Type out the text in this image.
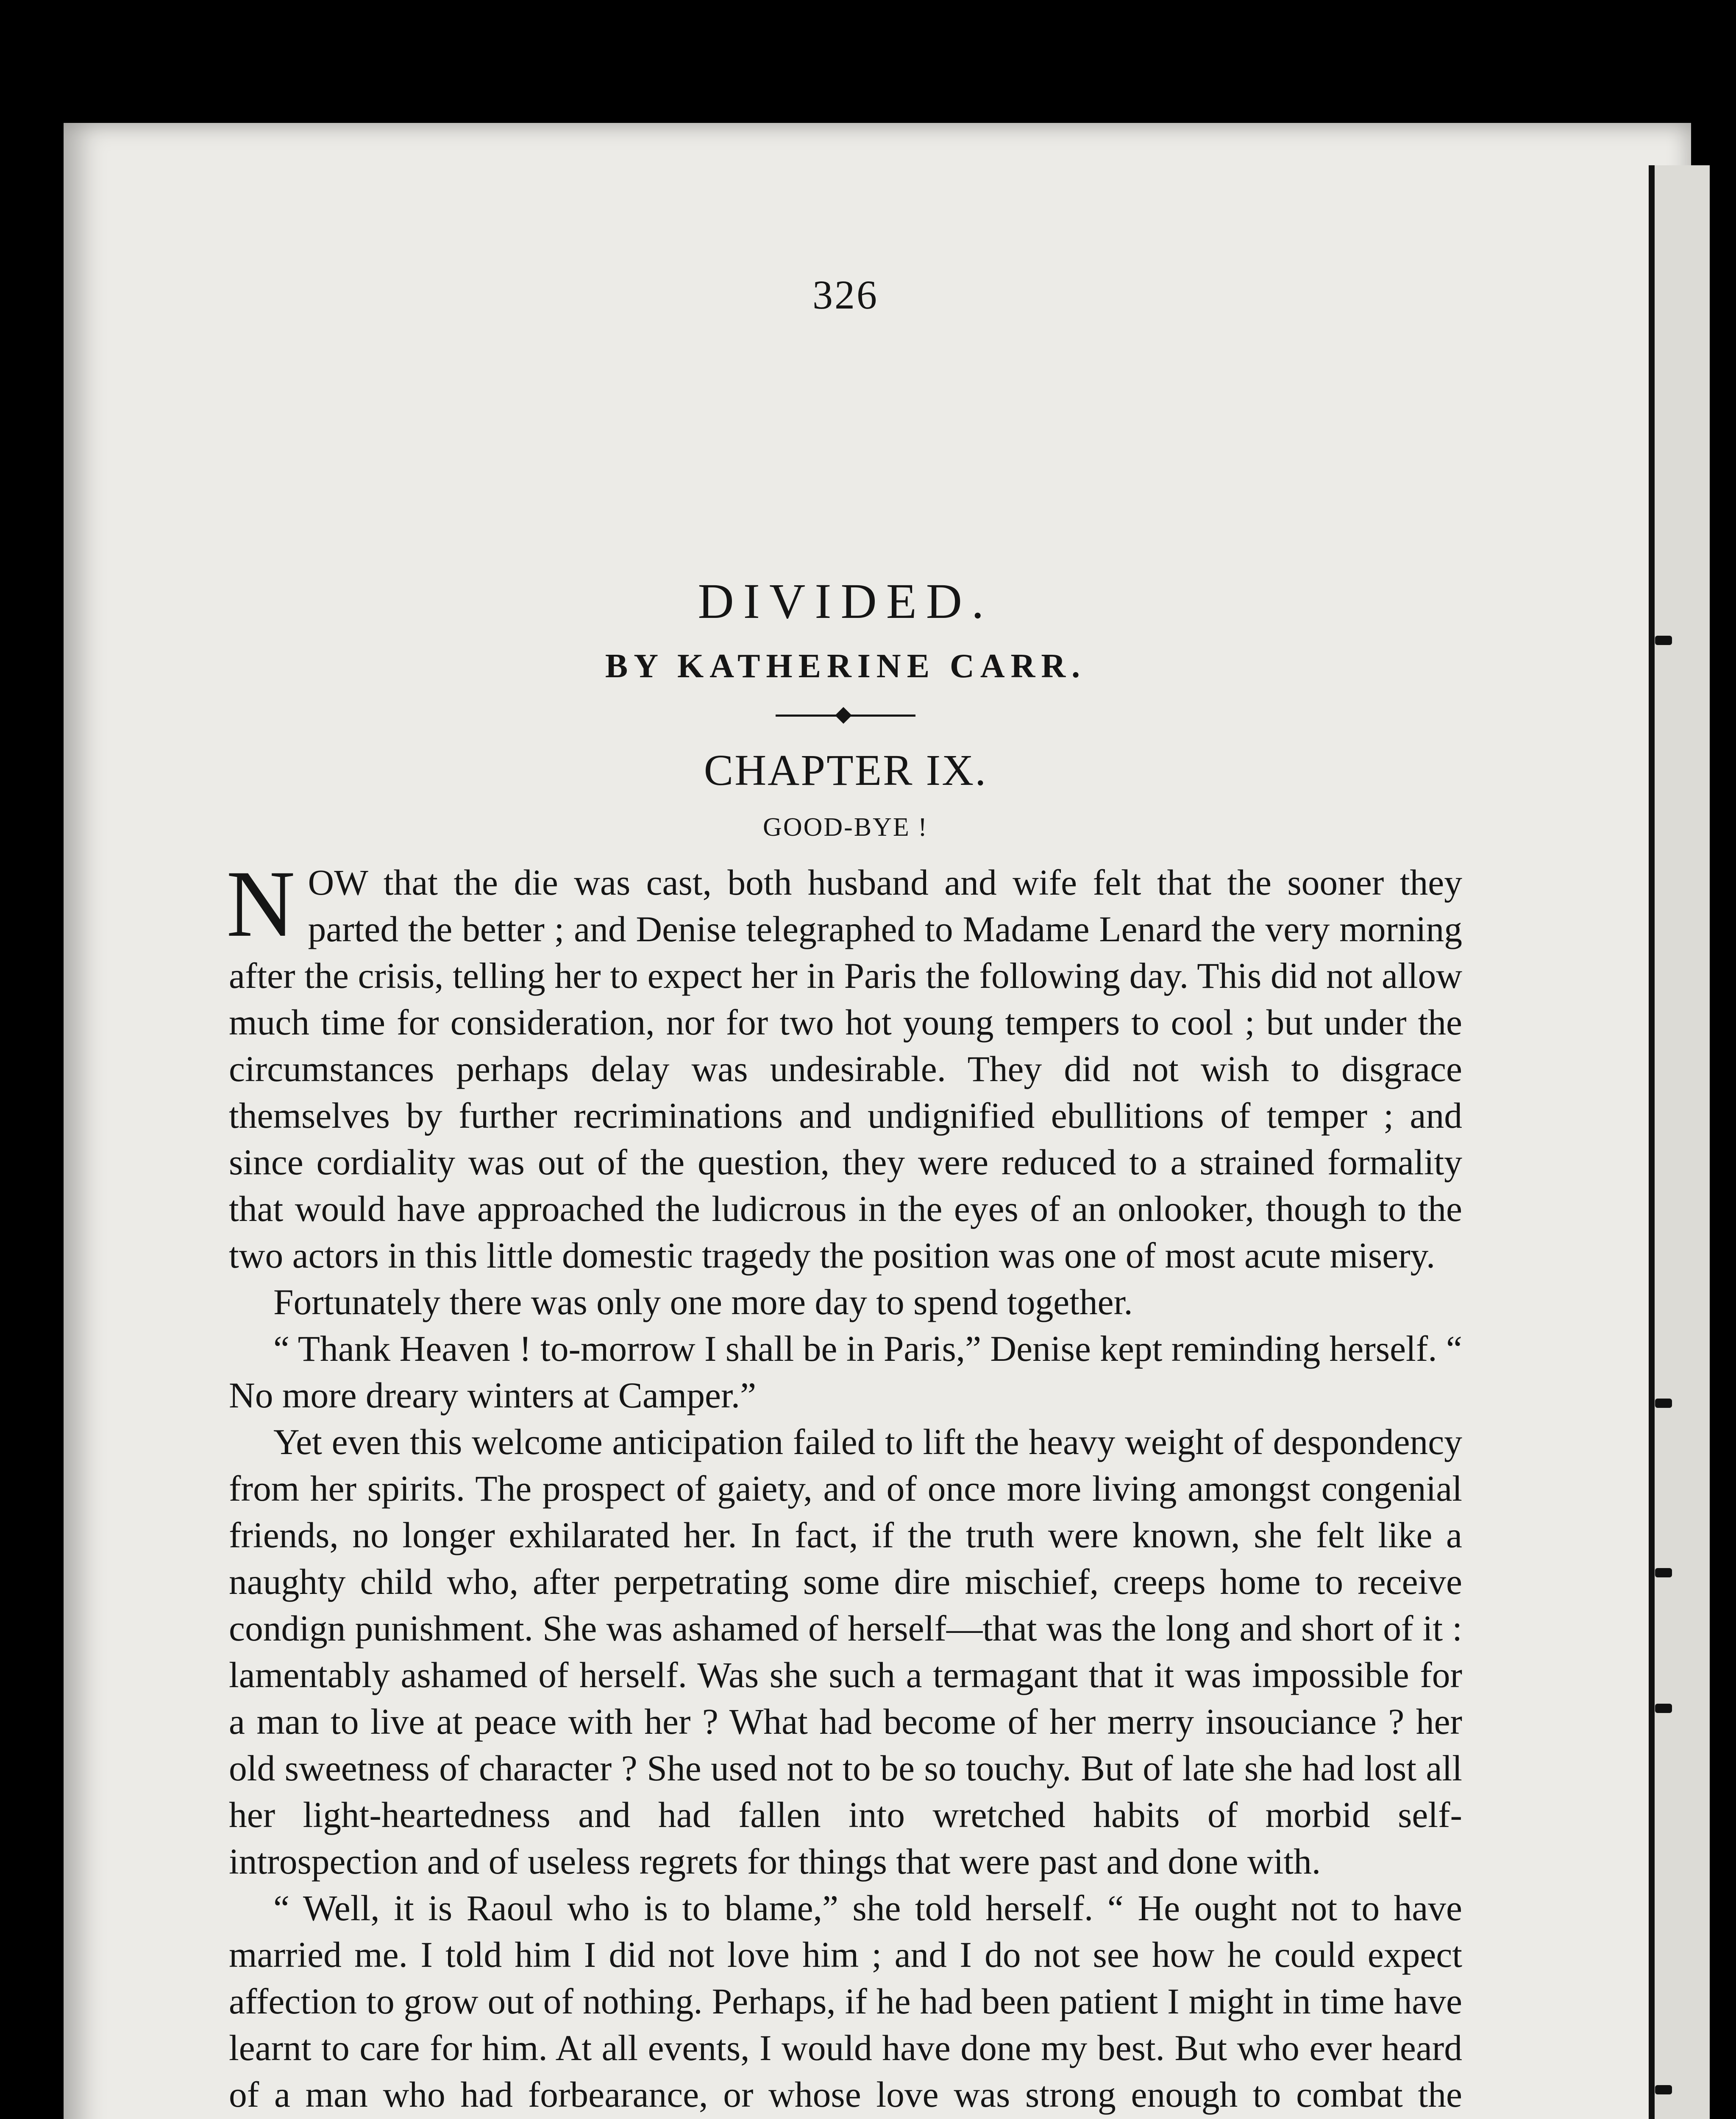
326
DIVIDED.
BY KATHERINE CARR.
CHAPTER IX.
GOOD-BYE !

NOW that the die was cast, both husband and wife felt that the sooner they parted the better ; and Denise telegraphed to Madame Lenard the very morning after the crisis, telling her to expect her in Paris the following day. This did not allow much time for consideration, nor for two hot young tempers to cool ; but under the circumstances perhaps delay was undesirable. They did not wish to disgrace themselves by further recriminations and undignified ebullitions of temper ; and since cordiality was out of the question, they were reduced to a strained formality that would have approached the ludicrous in the eyes of an onlooker, though to the two actors in this little domestic tragedy the position was one of most acute misery.

Fortunately there was only one more day to spend together.

“ Thank Heaven ! to-morrow I shall be in Paris,” Denise kept reminding herself. “ No more dreary winters at Camper.”

Yet even this welcome anticipation failed to lift the heavy weight of despondency from her spirits. The prospect of gaiety, and of once more living amongst congenial friends, no longer exhilarated her. In fact, if the truth were known, she felt like a naughty child who, after perpetrating some dire mischief, creeps home to receive condign punishment. She was ashamed of herself—that was the long and short of it : lamentably ashamed of herself. Was she such a termagant that it was impossible for a man to live at peace with her ? What had become of her merry insouciance ? her old sweetness of character ? She used not to be so touchy. But of late she had lost all her light-heartedness and had fallen into wretched habits of morbid self-introspection and of useless regrets for things that were past and done with.

“ Well, it is Raoul who is to blame,” she told herself. “ He ought not to have married me. I told him I did not love him ; and I do not see how he could expect affection to grow out of nothing. Perhaps, if he had been patient I might in time have learnt to care for him. At all events, I would have done my best. But who ever heard of a man who had forbearance, or whose love was strong enough to combat the
